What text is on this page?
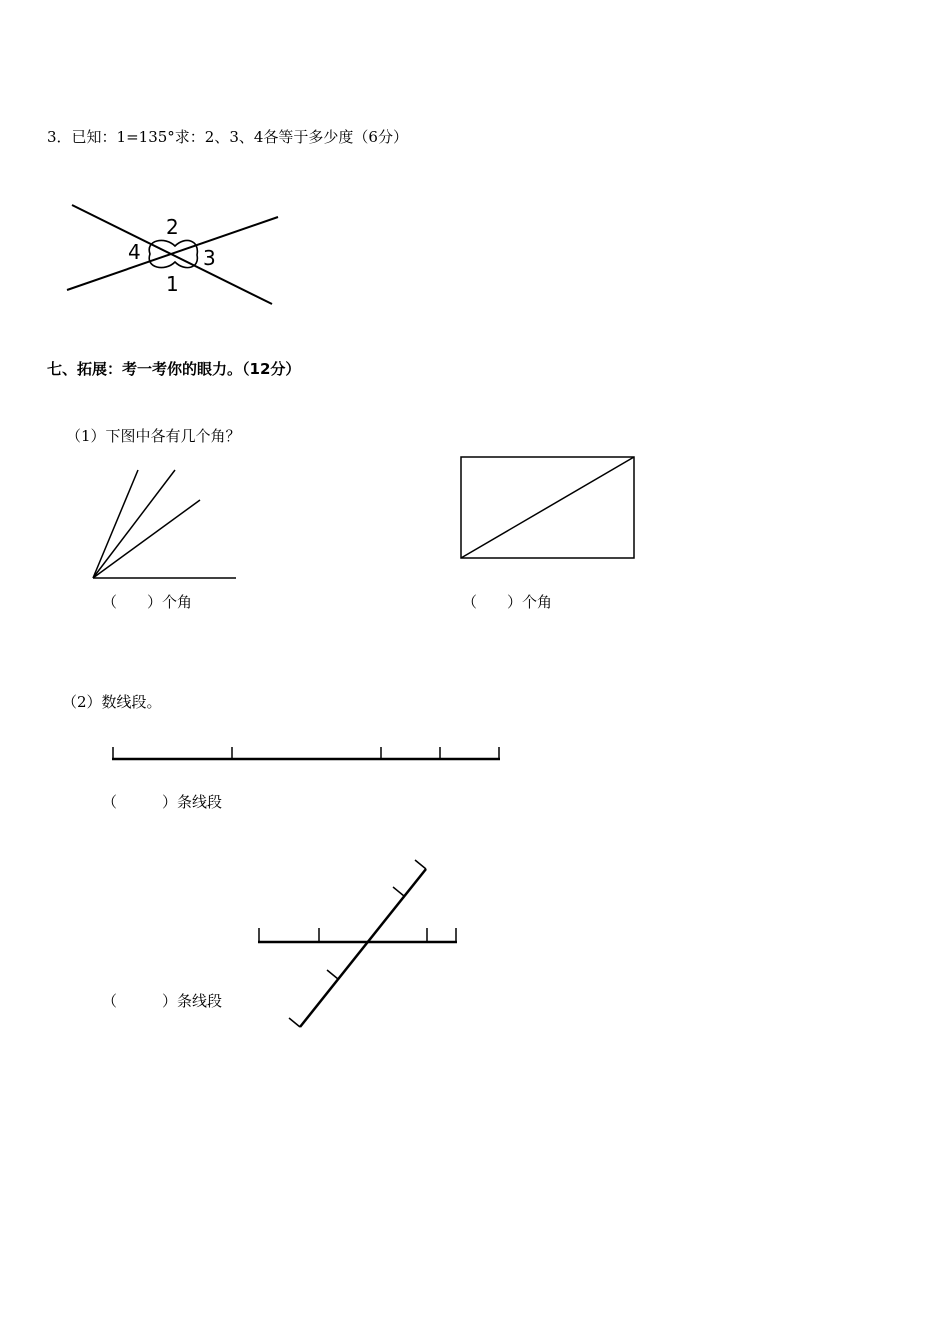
3．已知：1=135°求：2、3、4各等于多少度（6分）
七、拓展：考一考你的眼力。（12分）
（1）下图中各有几个角？
（　　）个角	（　　）个角
（2）数线段。
（　　　）条线段
（　　　）条线段
2
4	3
1
